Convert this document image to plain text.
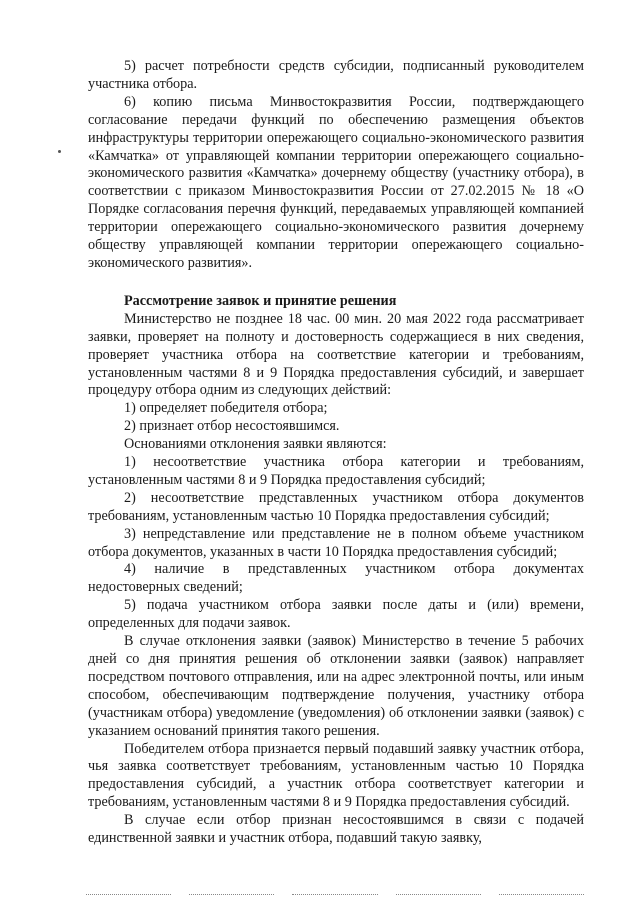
5) расчет потребности средств субсидии, подписанный руководителем участника отбора.

6) копию письма Минвостокразвития России, подтверждающего согласование передачи функций по обеспечению размещения объектов инфраструктуры территории опережающего социально-экономического развития «Камчатка» от управляющей компании территории опережающего социально-экономического развития «Камчатка» дочернему обществу (участнику отбора), в соответствии с приказом Минвостокразвития России от 27.02.2015 № 18 «О Порядке согласования перечня функций, передаваемых управляющей компанией территории опережающего социально-экономического развития дочернему обществу управляющей компании территории опережающего социально-экономического развития».

Рассмотрение заявок и принятие решения

Министерство не позднее 18 час. 00 мин. 20 мая 2022 года рассматривает заявки, проверяет на полноту и достоверность содержащиеся в них сведения, проверяет участника отбора на соответствие категории и требованиям, установленным частями 8 и 9 Порядка предоставления субсидий, и завершает процедуру отбора одним из следующих действий:

1) определяет победителя отбора;

2) признает отбор несостоявшимся.

Основаниями отклонения заявки являются:

1) несоответствие участника отбора категории и требованиям, установленным частями 8 и 9 Порядка предоставления субсидий;

2) несоответствие представленных участником отбора документов требованиям, установленным частью 10 Порядка предоставления субсидий;

3) непредставление или представление не в полном объеме участником отбора документов, указанных в части 10 Порядка предоставления субсидий;

4) наличие в представленных участником отбора документах недостоверных сведений;

5) подача участником отбора заявки после даты и (или) времени, определенных для подачи заявок.

В случае отклонения заявки (заявок) Министерство в течение 5 рабочих дней со дня принятия решения об отклонении заявки (заявок) направляет посредством почтового отправления, или на адрес электронной почты, или иным способом, обеспечивающим подтверждение получения, участнику отбора (участникам отбора) уведомление (уведомления) об отклонении заявки (заявок) с указанием оснований принятия такого решения.

Победителем отбора признается первый подавший заявку участник отбора, чья заявка соответствует требованиям, установленным частью 10 Порядка предоставления субсидий, а участник отбора соответствует категории и требованиям, установленным частями 8 и 9 Порядка предоставления субсидий.

В случае если отбор признан несостоявшимся в связи с подачей единственной заявки и участник отбора, подавший такую заявку,
